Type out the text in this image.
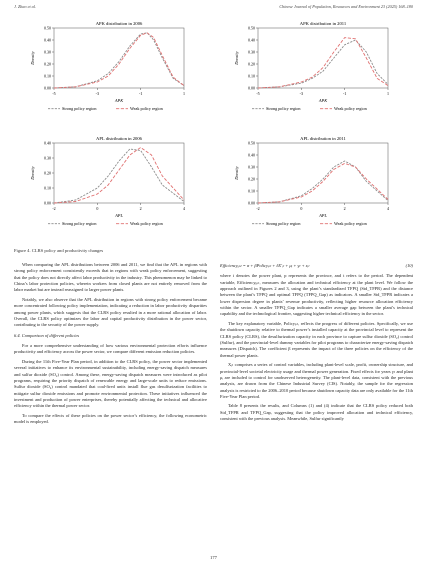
J. Zhao et al.	Chinese Journal of Population, Resources and Environment 23 (2025) 168–180
APK distribution in 2006
0.00
0.10
0.20
0.30
0.40
0.50
-5	-3	-1	1
APK
Density
Strong policy region	Weak policy region
APK distribution in 2011
0.00
0.10
0.20
0.30
0.40
0.50
-5	-3	-1	1
APK
Density
Strong policy region	Weak policy region
APL distribution in 2006
0.00
0.10
0.20
0.30
0.40
-2	0	2	4
APL
Density
Strong policy region	Weak policy region
APL distribution in 2011
0.00
0.10
0.20
0.30
0.40
0.50
-2	0	2	4
APL
Density
Strong policy region	Weak policy region
Figure 4. CLRS policy and productivity changes

When comparing the APL distributions between 2006 and 2011, we find that the APL in regions with strong policy enforcement consistently exceeds that in regions with weak policy enforcement, suggesting that the policy does not directly affect labor productivity in the industry. This phenomenon may be linked to China’s labor protection policies, wherein workers from closed plants are not entirely removed from the labor market but are instead reassigned to larger power plants.

Notably, we also observe that the APL distribution in regions with strong policy enforcement became more concentrated following policy implementation, indicating a reduction in labor productivity disparities among power plants, which suggests that the CLRS policy resulted in a more rational allocation of labor. Overall, the CLRS policy optimizes the labor and capital productivity distribution in the power sector, contributing to the security of the power supply.

6.4. Comparison of different policies

For a more comprehensive understanding of how various environmental protection efforts influence productivity and efficiency across the power sector, we compare different emission reduction policies.

During the 11th Five-Year Plan period, in addition to the CLRS policy, the power sector implemented several initiatives to enhance its environmental sustainability, including energy-saving dispatch measures and sulfur dioxide (SO₂) control. Among these, energy-saving dispatch measures were introduced as pilot programs, requiring the priority dispatch of renewable energy and large-scale units to reduce emissions. Sulfur dioxide (SO₂) control mandated that coal-fired units install flue gas desulfurization facilities to mitigate sulfur dioxide emissions and promote environmental protection. These initiatives influenced the investment and production of power enterprises, thereby potentially affecting the technical and allocative efficiency within the thermal power sector.

To compare the effects of these policies on the power sector’s efficiency, the following econometric model is employed.

Efficiencyᵢₚₜ = α + βPolicyₚₜ + δX′ᵢₜ + μᵢ + γₜ + εᵢₜ	(10)

where i denotes the power plant, p represents the province, and t refers to the period. The dependent variable, Efficiencyᵢₚₜ, measures the allocation and technical efficiency at the plant level. We follow the approach outlined in Figures 2 and 3, using the plant’s standardized TFPQ (Std_TFPR) and the distance between the plant’s TFPQ and optimal TFPQ (TFPQ_Gap) as indicators. A smaller Std_TFPR indicates a lower dispersion degree in plants’ revenue productivity, reflecting higher resource allocation efficiency within the sector. A smaller TFPQ_Gap indicates a smaller average gap between the plant’s technical capability and the technological frontier, suggesting higher technical efficiency in the sector.

The key explanatory variable, Policyₚₜ, reflects the progress of different policies. Specifically, we use the shutdown capacity relative to thermal power’s installed capacity at the provincial level to represent the CLRS policy (CLRS), the desulfurization capacity in each province to capture sulfur dioxide (SO₂) control (Sulfur), and the provincial-level dummy variables for pilot programs to characterize energy-saving dispatch measures (Dispatch). The coefficient β represents the impact of the three policies on the efficiency of the thermal power plants.

Xᵢₜ comprises a series of control variables, including plant-level scale, profit, ownership structure, and provincial-level societal electricity usage and thermal power generation. Fixed effects for years γₜ and plant μᵢ are included to control for unobserved heterogeneity. The plant-level data, consistent with the previous analysis, are drawn from the Chinese Industrial Survey (CIS). Notably, the sample for the regression analysis is restricted to the 2006–2010 period because shutdown capacity data are only available for the 11th Five-Year Plan period.

Table 8 presents the results, and Columns (1) and (4) indicate that the CLRS policy reduced both Std_TFPR and TFPQ_Gap, suggesting that the policy improved allocation and technical efficiency, consistent with the previous analysis. Meanwhile, Sulfur significantly

177
